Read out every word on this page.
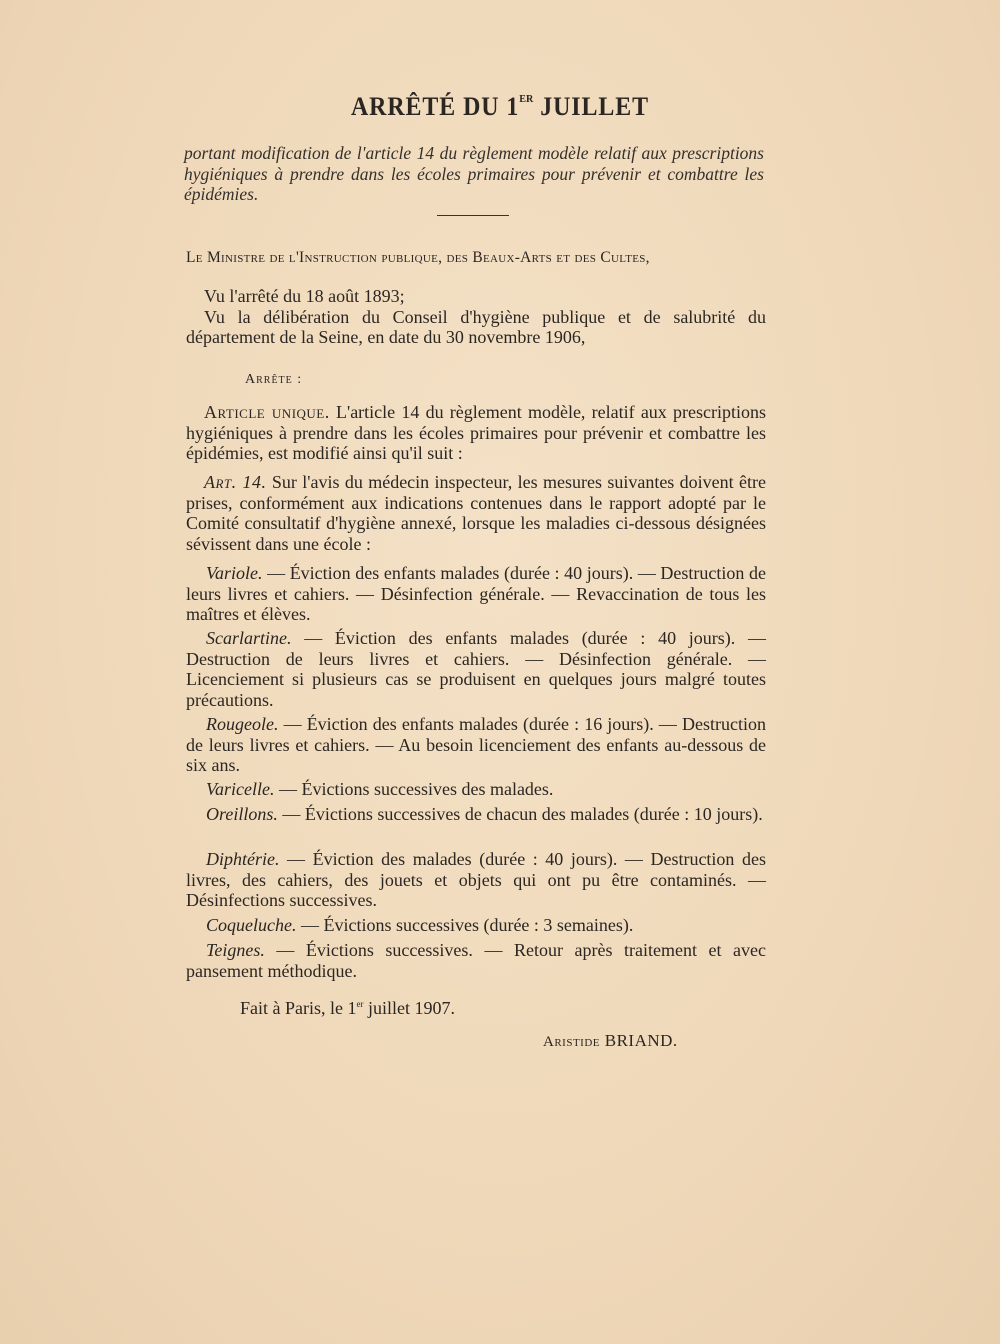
ARRÊTÉ DU 1ER JUILLET
portant modification de l'article 14 du règlement modèle relatif aux prescriptions hygiéniques à prendre dans les écoles primaires pour prévenir et combattre les épidémies.
Le Ministre de l'Instruction publique, des Beaux-Arts et des Cultes,

Vu l'arrêté du 18 août 1893;

Vu la délibération du Conseil d'hygiène publique et de salubrité du département de la Seine, en date du 30 novembre 1906,

Arrête :

Article unique. L'article 14 du règlement modèle, relatif aux prescriptions hygiéniques à prendre dans les écoles primaires pour prévenir et combattre les épidémies, est modifié ainsi qu'il suit :

Art. 14. Sur l'avis du médecin inspecteur, les mesures suivantes doivent être prises, conformément aux indications contenues dans le rapport adopté par le Comité consultatif d'hygiène annexé, lorsque les maladies ci-dessous désignées sévissent dans une école :

Variole. — Éviction des enfants malades (durée : 40 jours). — Destruction de leurs livres et cahiers. — Désinfection générale. — Revaccination de tous les maîtres et élèves.

Scarlartine. — Éviction des enfants malades (durée : 40 jours). — Destruction de leurs livres et cahiers. — Désinfection générale. — Licenciement si plusieurs cas se produisent en quelques jours malgré toutes précautions.

Rougeole. — Éviction des enfants malades (durée : 16 jours). — Destruction de leurs livres et cahiers. — Au besoin licenciement des enfants au-dessous de six ans.

Varicelle. — Évictions successives des malades.

Oreillons. — Évictions successives de chacun des malades (durée : 10 jours).

Diphtérie. — Éviction des malades (durée : 40 jours). — Destruction des livres, des cahiers, des jouets et objets qui ont pu être contaminés. — Désinfections successives.

Coqueluche. — Évictions successives (durée : 3 semaines).

Teignes. — Évictions successives. — Retour après traitement et avec pansement méthodique.

Fait à Paris, le 1er juillet 1907.
Aristide BRIAND.
